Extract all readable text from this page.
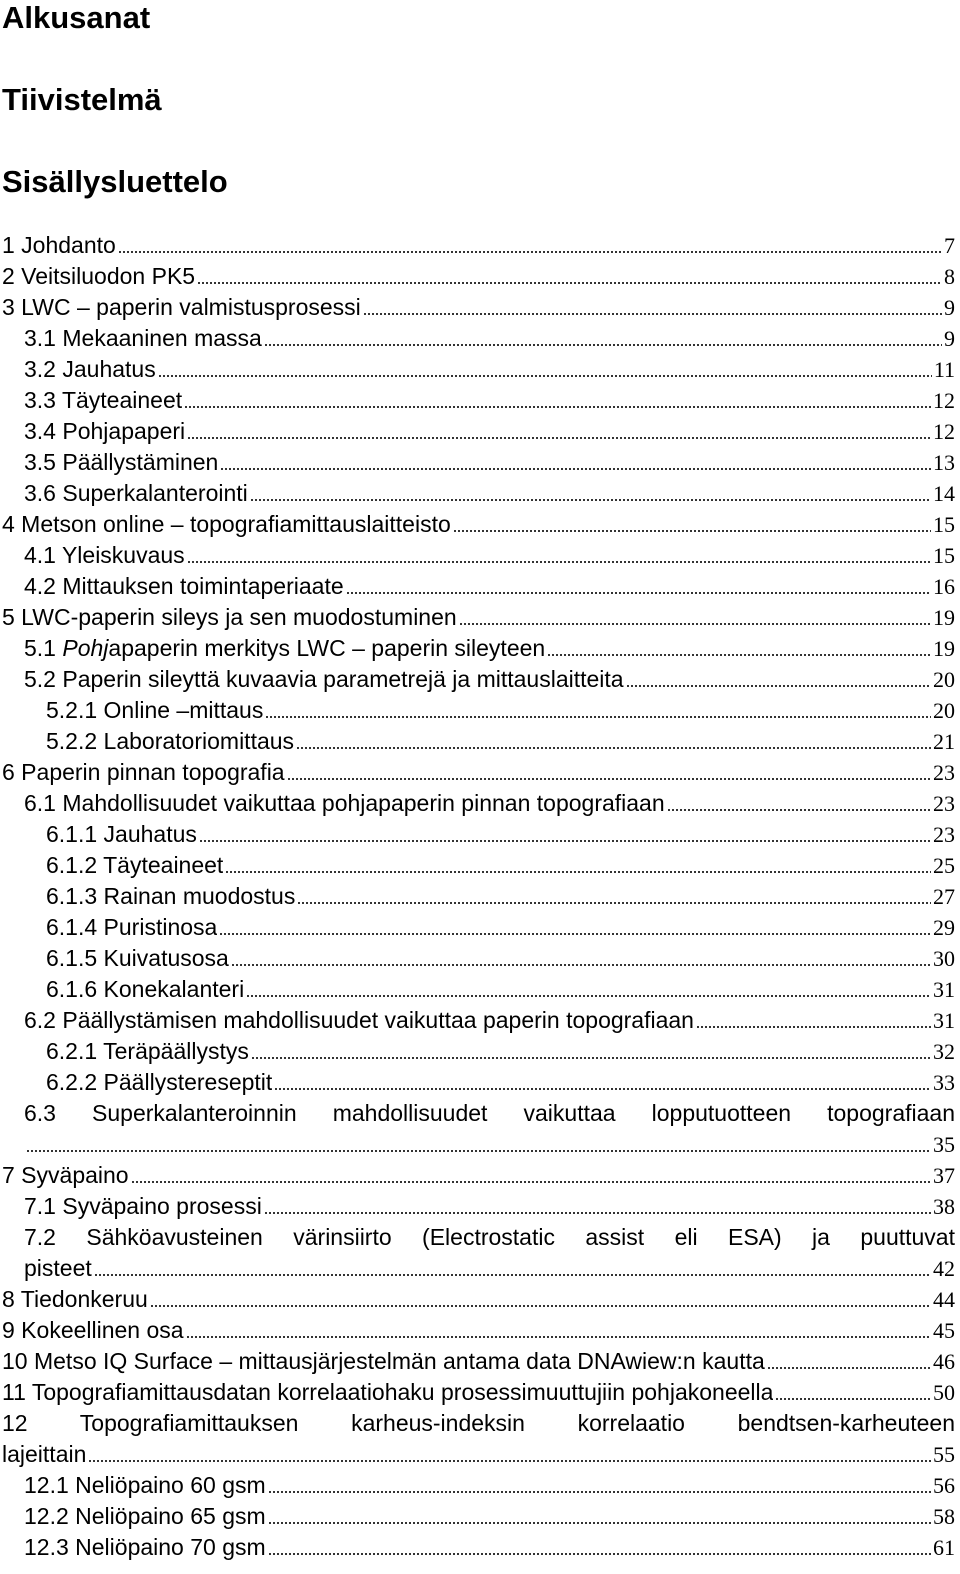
Alkusanat
Tiivistelmä
Sisällysluettelo
1 Johdanto	7
2 Veitsiluodon PK5	8
3 LWC – paperin valmistusprosessi	9
3.1 Mekaaninen massa	9
3.2 Jauhatus	11
3.3 Täyteaineet	12
3.4 Pohjapaperi	12
3.5 Päällystäminen	13
3.6 Superkalanterointi	14
4 Metson online – topografiamittauslaitteisto	15
4.1 Yleiskuvaus	15
4.2 Mittauksen toimintaperiaate	16
5 LWC-paperin sileys ja sen muodostuminen	19
5.1 Pohjapaperin merkitys LWC – paperin sileyteen	19
5.2 Paperin sileyttä kuvaavia parametrejä ja mittauslaitteita	20
5.2.1 Online –mittaus	20
5.2.2 Laboratoriomittaus	21
6 Paperin pinnan topografia	23
6.1 Mahdollisuudet vaikuttaa pohjapaperin pinnan topografiaan	23
6.1.1 Jauhatus	23
6.1.2 Täyteaineet	25
6.1.3 Rainan muodostus	27
6.1.4 Puristinosa	29
6.1.5 Kuivatusosa	30
6.1.6 Konekalanteri	31
6.2 Päällystämisen mahdollisuudet vaikuttaa paperin topografiaan	31
6.2.1 Teräpäällystys	32
6.2.2 Päällystereseptit	33
6.3 Superkalanteroinnin mahdollisuudet vaikuttaa lopputuotteen topografiaan
35
7 Syväpaino	37
7.1 Syväpaino prosessi	38
7.2 Sähköavusteinen värinsiirto (Electrostatic assist eli ESA) ja puuttuvat
pisteet	42
8 Tiedonkeruu	44
9 Kokeellinen osa	45
10 Metso IQ Surface – mittausjärjestelmän antama data DNAwiew:n kautta	46
11 Topografiamittausdatan korrelaatiohaku prosessimuuttujiin pohjakoneella	50
12 Topografiamittauksen karheus-indeksin korrelaatio bendtsen-karheuteen
lajeittain	55
12.1 Neliöpaino 60 gsm	56
12.2 Neliöpaino 65 gsm	58
12.3 Neliöpaino 70 gsm	61
